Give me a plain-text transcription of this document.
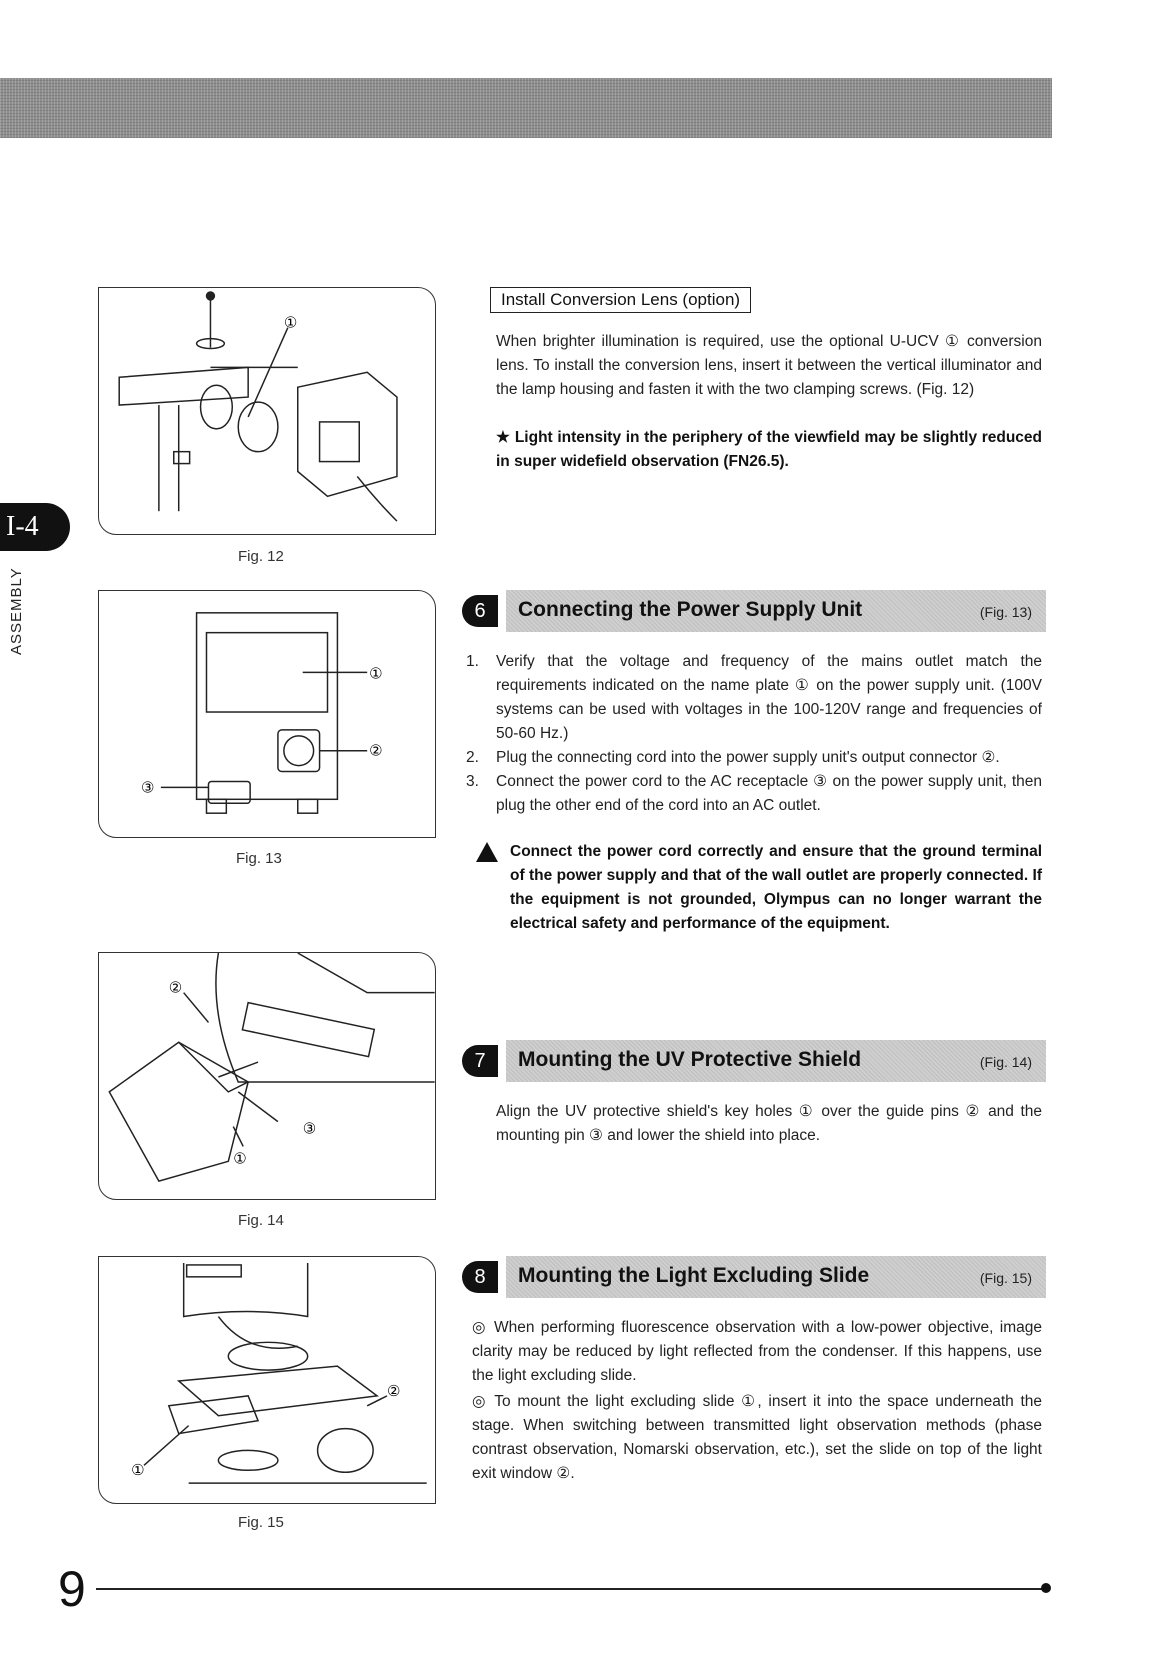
I-4
ASSEMBLY
①
Fig. 12
Install Conversion Lens (option)
When brighter illumination is required, use the optional U-UCV ① conversion lens. To install the conversion lens, insert it between the vertical illuminator and the lamp housing and fasten it with the two clamping screws. (Fig. 12)
★ Light intensity in the periphery of the viewfield may be slightly reduced in super widefield observation (FN26.5).
①
②
③
Fig. 13
6	Connecting the Power Supply Unit	(Fig. 13)
1. Verify that the voltage and frequency of the mains outlet match the requirements indicated on the name plate ① on the power supply unit. (100V systems can be used with voltages in the 100-120V range and frequencies of 50-60 Hz.)
2. Plug the connecting cord into the power supply unit's output connector ②.
3. Connect the power cord to the AC receptacle ③ on the power supply unit, then plug the other end of the cord into an AC outlet.
Connect the power cord correctly and ensure that the ground terminal of the power supply and that of the wall outlet are properly connected. If the equipment is not grounded, Olympus can no longer warrant the electrical safety and performance of the equipment.
②
③
①
Fig. 14
7	Mounting the UV Protective Shield	(Fig. 14)
Align the UV protective shield's key holes ① over the guide pins ② and the mounting pin ③ and lower the shield into place.
①
②
Fig. 15
8	Mounting the Light Excluding Slide	(Fig. 15)
◎ When performing fluorescence observation with a low-power objective, image clarity may be reduced by light reflected from the condenser. If this happens, use the light excluding slide.
◎ To mount the light excluding slide ①, insert it into the space underneath the stage. When switching between transmitted light observation methods (phase contrast observation, Nomarski observation, etc.), set the slide on top of the light exit window ②.
9
